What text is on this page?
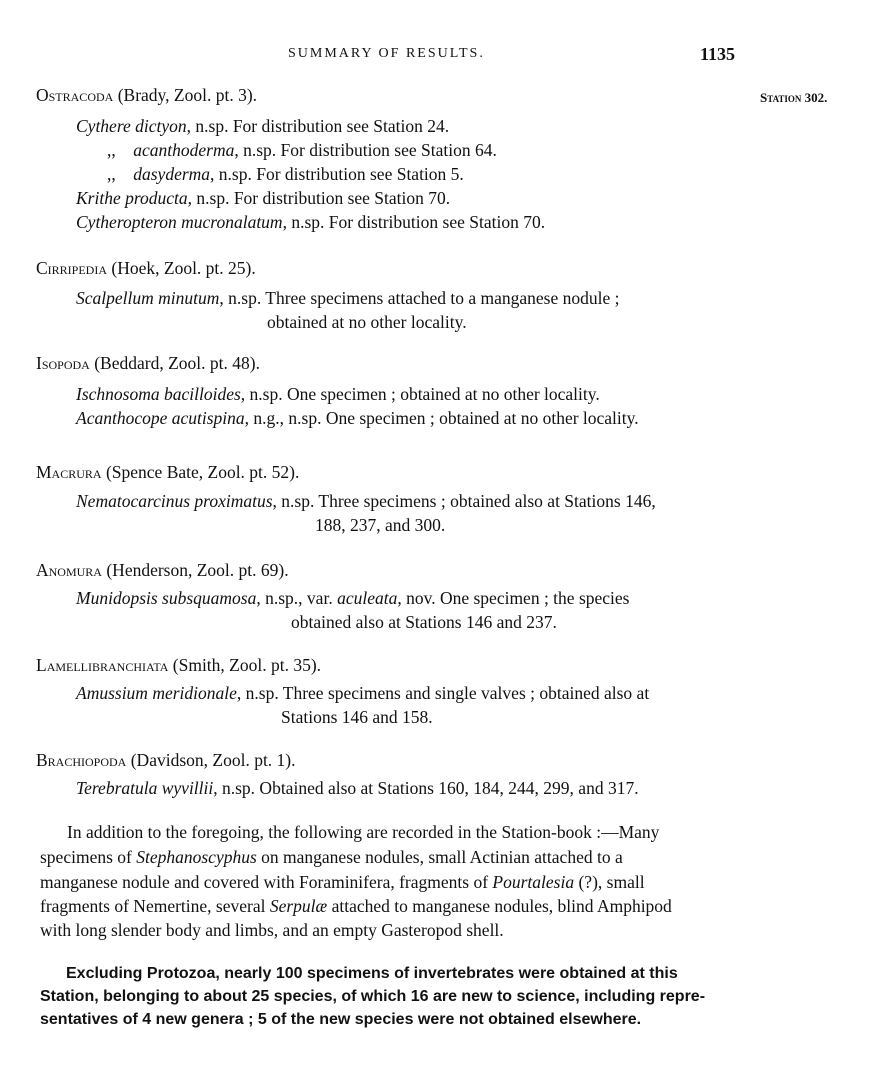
SUMMARY OF RESULTS.	1135
Station 302.
Ostracoda (Brady, Zool. pt. 3).
Cythere dictyon, n.sp. For distribution see Station 24.
,, acanthoderma, n.sp. For distribution see Station 64.
,, dasyderma, n.sp. For distribution see Station 5.
Krithe producta, n.sp. For distribution see Station 70.
Cytheropteron mucronalatum, n.sp. For distribution see Station 70.
Cirripedia (Hoek, Zool. pt. 25).
Scalpellum minutum, n.sp. Three specimens attached to a manganese nodule ;
obtained at no other locality.
Isopoda (Beddard, Zool. pt. 48).
Ischnosoma bacilloides, n.sp. One specimen ; obtained at no other locality.
Acanthocope acutispina, n.g., n.sp. One specimen ; obtained at no other locality.
Macrura (Spence Bate, Zool. pt. 52).
Nematocarcinus proximatus, n.sp. Three specimens ; obtained also at Stations 146,
188, 237, and 300.
Anomura (Henderson, Zool. pt. 69).
Munidopsis subsquamosa, n.sp., var. aculeata, nov. One specimen ; the species
obtained also at Stations 146 and 237.
Lamellibranchiata (Smith, Zool. pt. 35).
Amussium meridionale, n.sp. Three specimens and single valves ; obtained also at
Stations 146 and 158.
Brachiopoda (Davidson, Zool. pt. 1).
Terebratula wyvillii, n.sp. Obtained also at Stations 160, 184, 244, 299, and 317.
In addition to the foregoing, the following are recorded in the Station-book :—Many
specimens of Stephanoscyphus on manganese nodules, small Actinian attached to a
manganese nodule and covered with Foraminifera, fragments of Pourtalesia (?), small
fragments of Nemertine, several Serpulæ attached to manganese nodules, blind Amphipod
with long slender body and limbs, and an empty Gasteropod shell.
Excluding Protozoa, nearly 100 specimens of invertebrates were obtained at this
Station, belonging to about 25 species, of which 16 are new to science, including repre-
sentatives of 4 new genera ; 5 of the new species were not obtained elsewhere.
